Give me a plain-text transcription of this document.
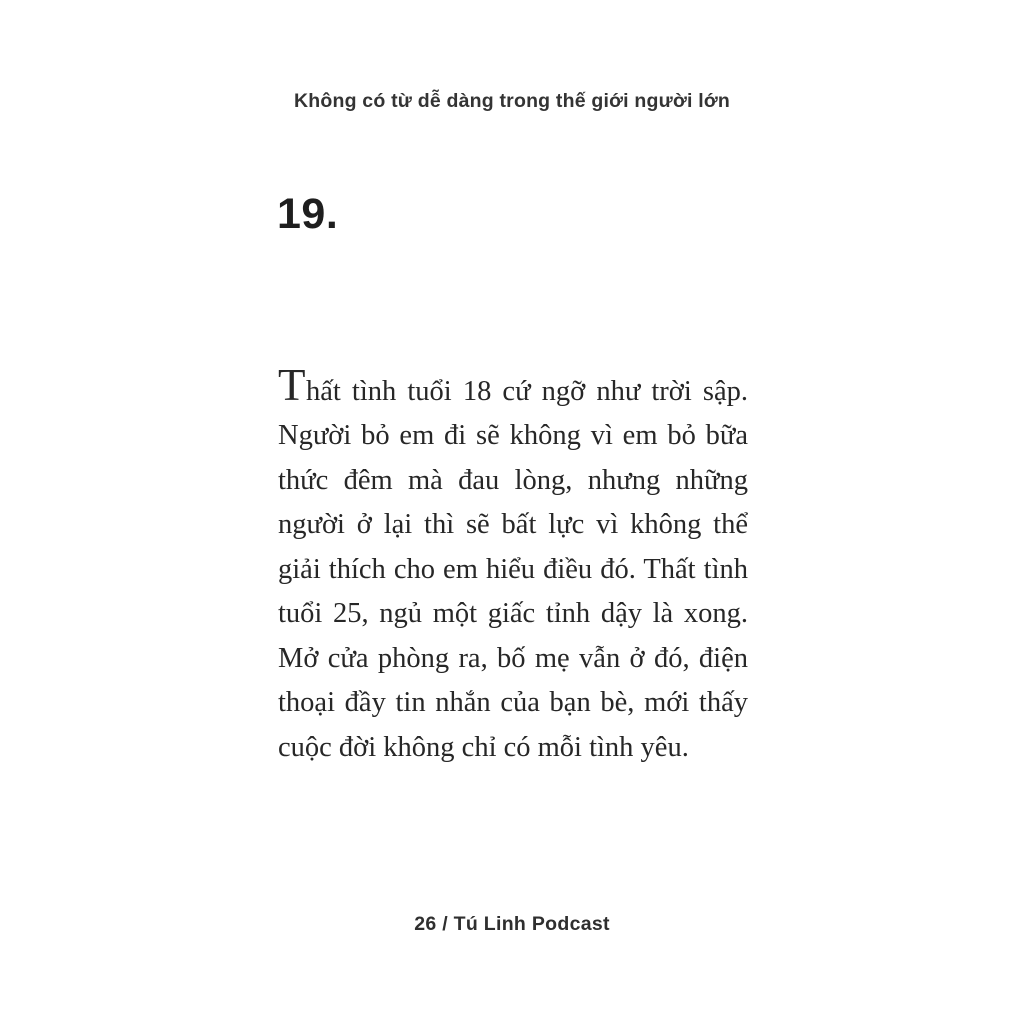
Không có từ dễ dàng trong thế giới người lớn
19.

Thất tình tuổi 18 cứ ngỡ như trời sập. Người bỏ em đi sẽ không vì em bỏ bữa thức đêm mà đau lòng, nhưng những người ở lại thì sẽ bất lực vì không thể giải thích cho em hiểu điều đó. Thất tình tuổi 25, ngủ một giấc tỉnh dậy là xong. Mở cửa phòng ra, bố mẹ vẫn ở đó, điện thoại đầy tin nhắn của bạn bè, mới thấy cuộc đời không chỉ có mỗi tình yêu.

26 / Tú Linh Podcast
